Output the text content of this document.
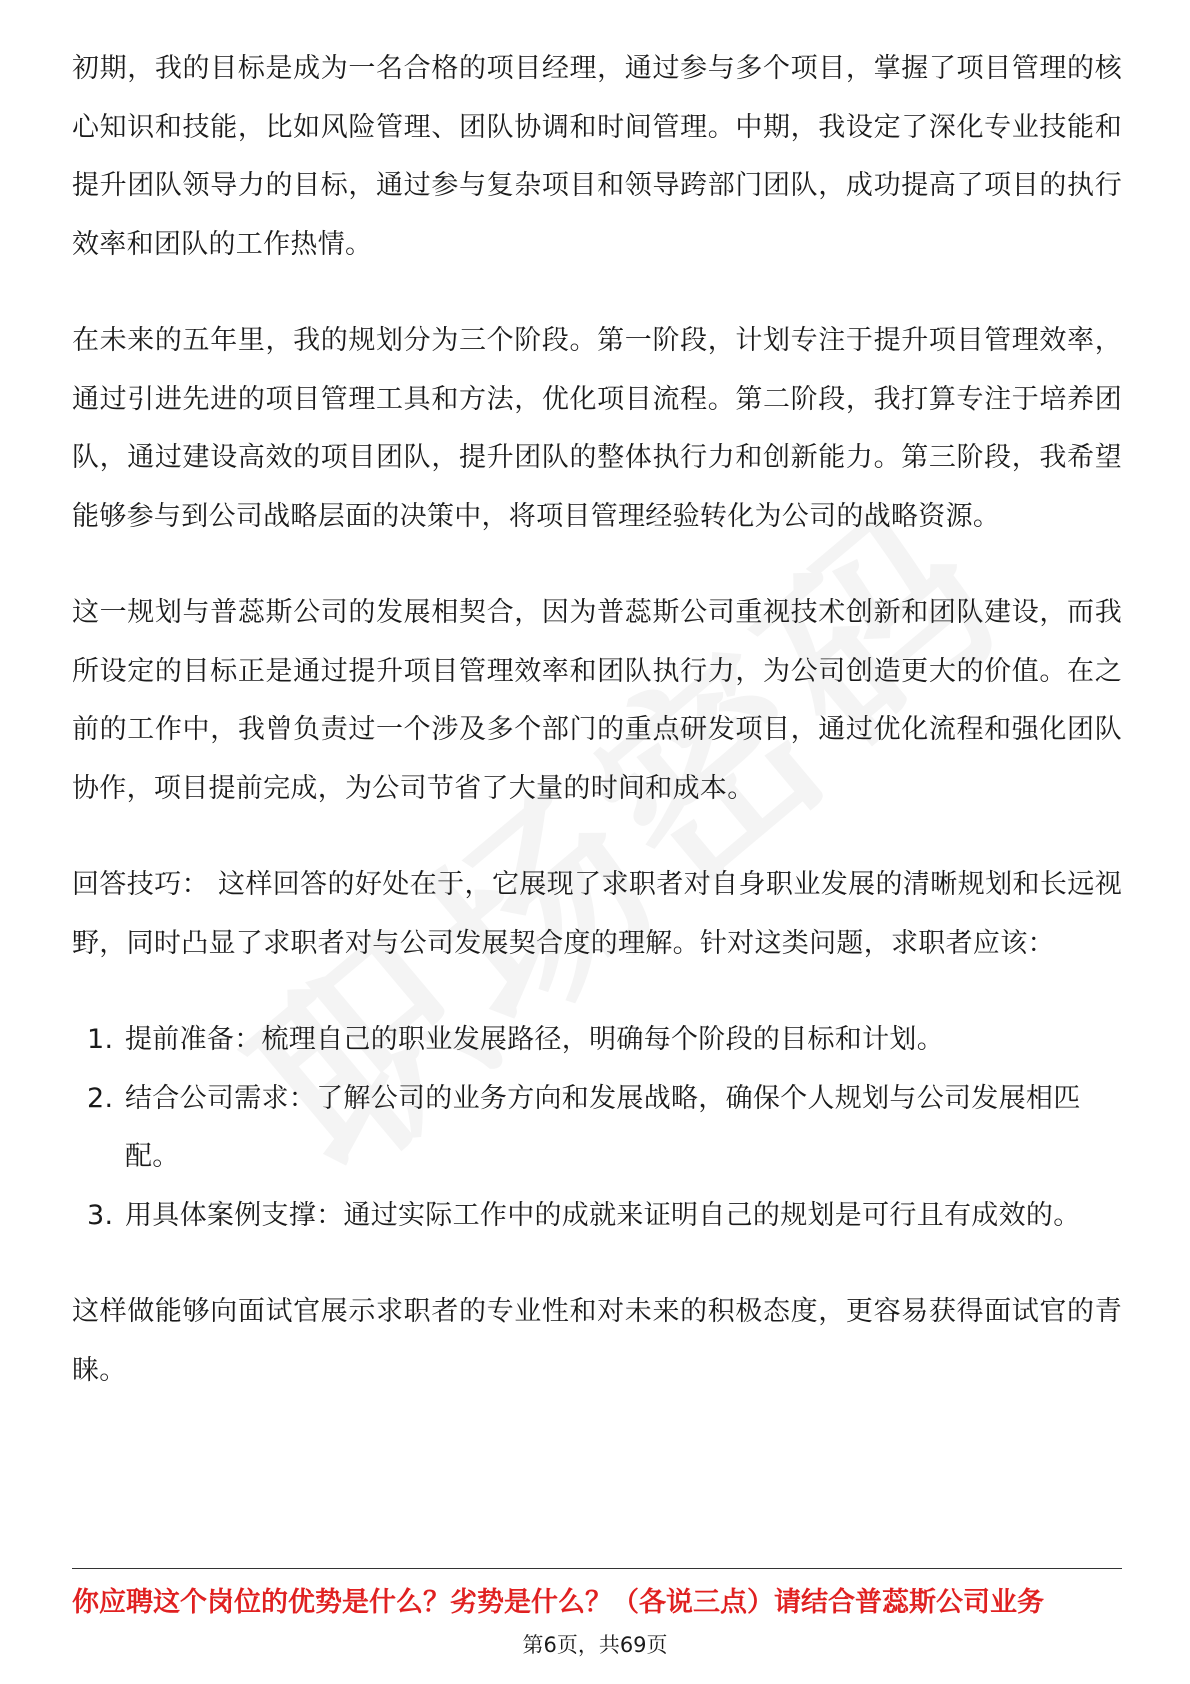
初期，我的目标是成为一名合格的项目经理，通过参与多个项目，掌握了项目管理的核心知识和技能，比如风险管理、团队协调和时间管理。中期，我设定了深化专业技能和提升团队领导力的目标，通过参与复杂项目和领导跨部门团队，成功提高了项目的执行效率和团队的工作热情。

在未来的五年里，我的规划分为三个阶段。第一阶段，计划专注于提升项目管理效率，通过引进先进的项目管理工具和方法，优化项目流程。第二阶段，我打算专注于培养团队，通过建设高效的项目团队，提升团队的整体执行力和创新能力。第三阶段，我希望能够参与到公司战略层面的决策中，将项目管理经验转化为公司的战略资源。

这一规划与普蕊斯公司的发展相契合，因为普蕊斯公司重视技术创新和团队建设，而我所设定的目标正是通过提升项目管理效率和团队执行力，为公司创造更大的价值。在之前的工作中，我曾负责过一个涉及多个部门的重点研发项目，通过优化流程和强化团队协作，项目提前完成，为公司节省了大量的时间和成本。

回答技巧： 这样回答的好处在于，它展现了求职者对自身职业发展的清晰规划和长远视野，同时凸显了求职者对与公司发展契合度的理解。针对这类问题，求职者应该：

1. 提前准备：梳理自己的职业发展路径，明确每个阶段的目标和计划。
2. 结合公司需求：了解公司的业务方向和发展战略，确保个人规划与公司发展相匹配。
3. 用具体案例支撑：通过实际工作中的成就来证明自己的规划是可行且有成效的。

这样做能够向面试官展示求职者的专业性和对未来的积极态度，更容易获得面试官的青睐。

你应聘这个岗位的优势是什么？劣势是什么？（各说三点）请结合普蕊斯公司业务
第6页，共69页
